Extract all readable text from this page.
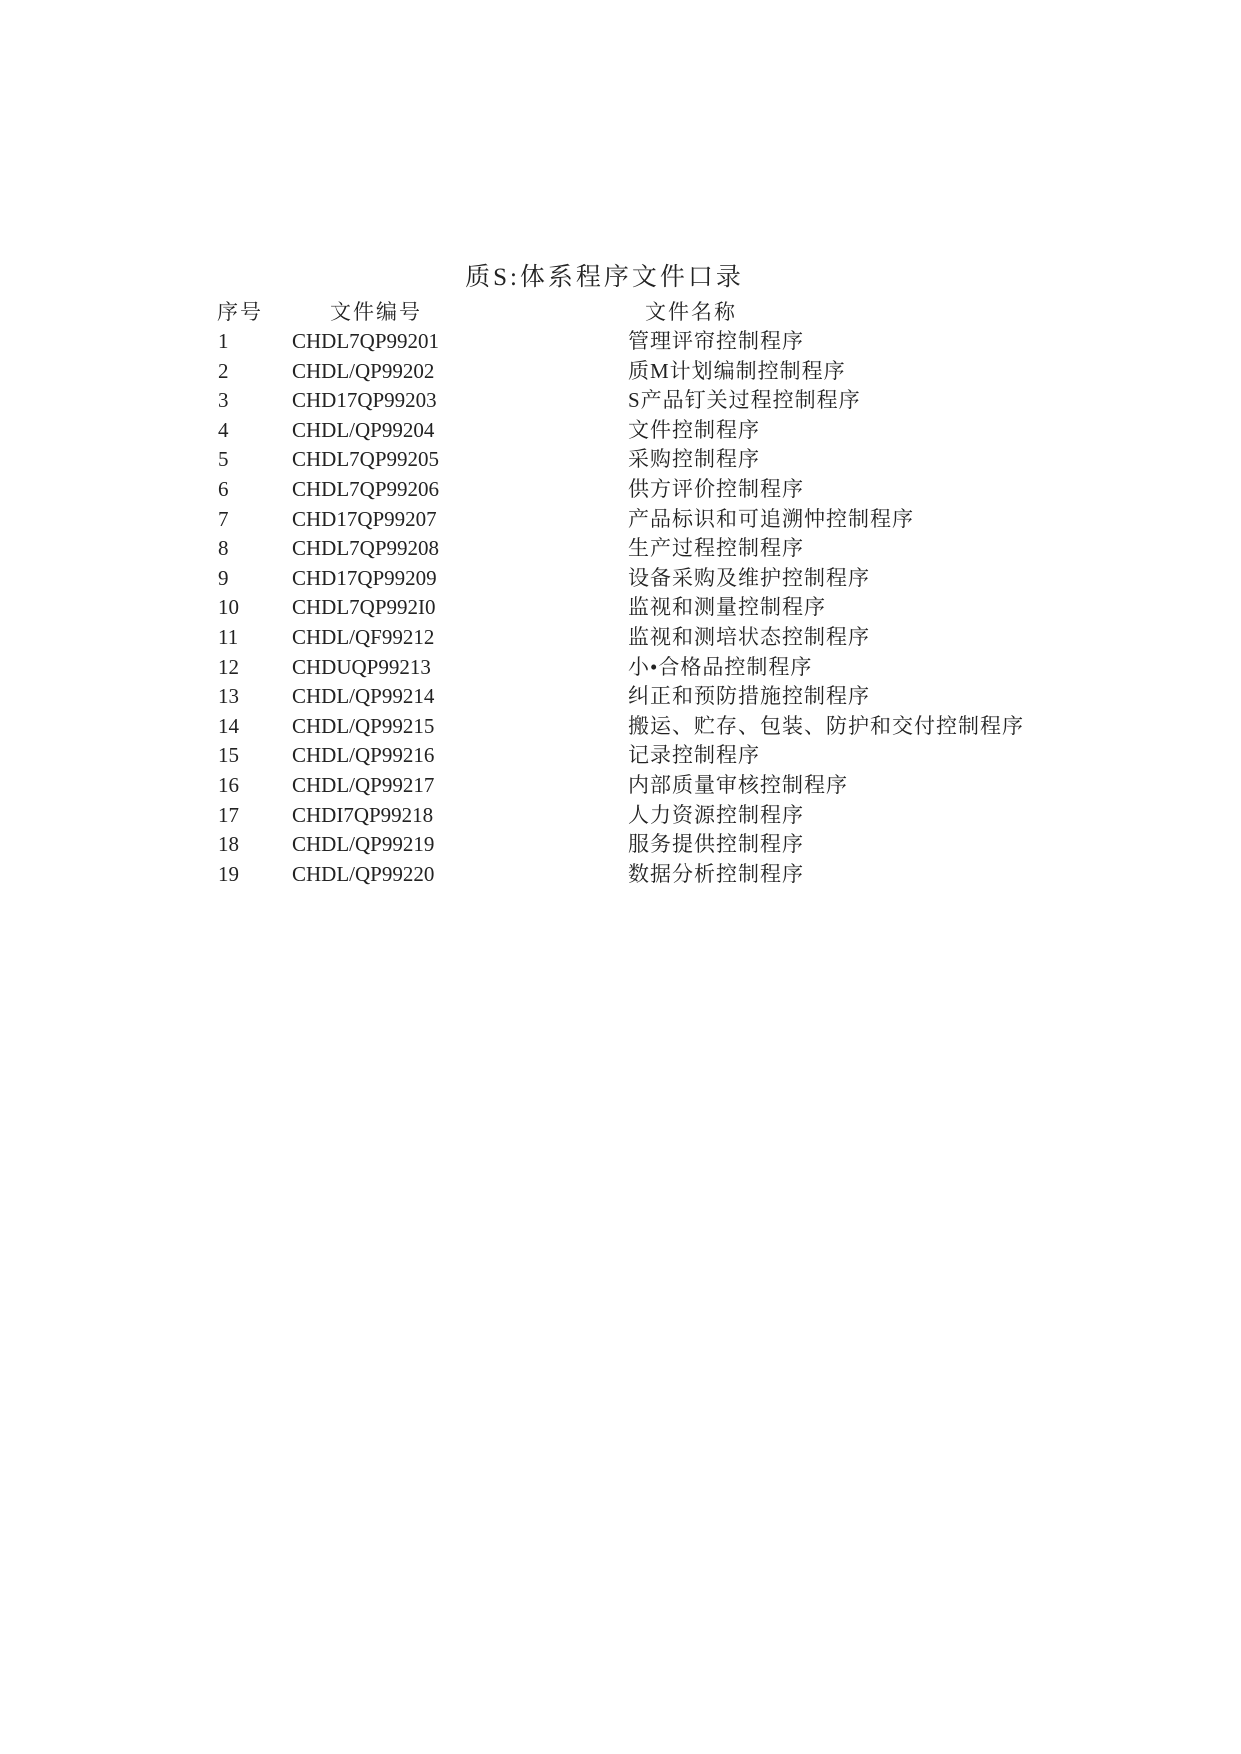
质S:体系程序文件口录
序号	文件编号	文件名称
1	CHDL7QP99201	管理评帘控制程序
2	CHDL/QP99202	质M计划编制控制程序
3	CHD17QP99203	S产品钉关过程控制程序
4	CHDL/QP99204	文件控制程序
5	CHDL7QP99205	采购控制程序
6	CHDL7QP99206	供方评价控制程序
7	CHD17QP99207	产品标识和可追溯忡控制程序
8	CHDL7QP99208	生产过程控制程序
9	CHD17QP99209	设备采购及维护控制程序
10	CHDL7QP992I0	监视和测量控制程序
11	CHDL/QF99212	监视和测培状态控制程序
12	CHDUQP99213	小•合格品控制程序
13	CHDL/QP99214	纠正和预防措施控制程序
14	CHDL/QP99215	搬运、贮存、包装、防护和交付控制程序
15	CHDL/QP99216	记录控制程序
16	CHDL/QP99217	内部质量审核控制程序
17	CHDI7QP99218	人力资源控制程序
18	CHDL/QP99219	服务提供控制程序
19	CHDL/QP99220	数据分析控制程序
